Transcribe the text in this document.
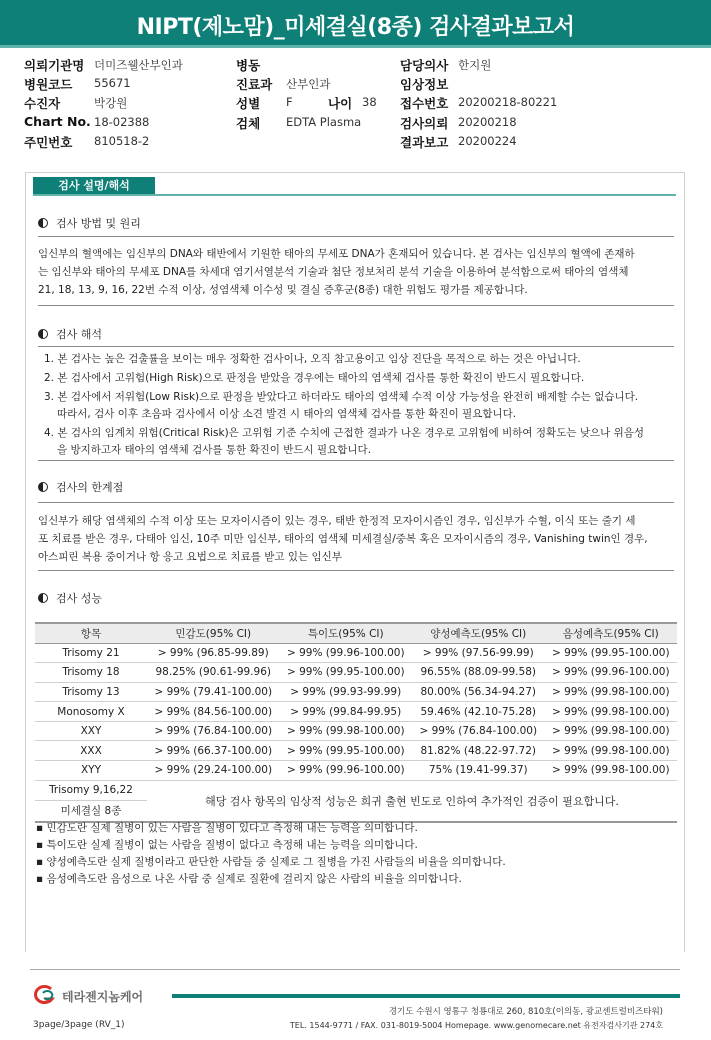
NIPT(제노맘)_미세결실(8종) 검사결과보고서
의뢰기관명 더미즈웰산부인과	병동	담당의사 한지원
병원코드 55671	진료과 산부인과	임상정보
수진자	박강원	성별 F	나이 38 접수번호 20200218-80221
Chart No. 18-02388	검체 EDTA Plasma	검사의뢰 20200218
주민번호 810518-2	결과보고 20200224
검사 설명/해석
검사 방법 및 원리
임신부의 혈액에는 임신부의 DNA와 태반에서 기원한 태아의 무세포 DNA가 혼재되어 있습니다. 본 검사는 임신부의 혈액에 존재하
는 임신부와 태아의 무세포 DNA를 차세대 염기서열분석 기술과 첨단 정보처리 분석 기술을 이용하여 분석함으로써 태아의 염색체
21, 18, 13, 9, 16, 22번 수적 이상, 성염색체 이수성 및 결실 증후군(8종) 대한 위험도 평가를 제공합니다.
검사 해석
1. 본 검사는 높은 검출률을 보이는 매우 정확한 검사이나, 오직 참고용이고 임상 진단을 목적으로 하는 것은 아닙니다.
2. 본 검사에서 고위험(High Risk)으로 판정을 받았을 경우에는 태아의 염색체 검사를 통한 확진이 반드시 필요합니다.
3. 본 검사에서 저위험(Low Risk)으로 판정을 받았다고 하더라도 태아의 염색체 수적 이상 가능성을 완전히 배제할 수는 없습니다.
따라서, 검사 이후 초음파 검사에서 이상 소견 발견 시 태아의 염색체 검사를 통한 확진이 필요합니다.
4. 본 검사의 임계치 위험(Critical Risk)은 고위험 기준 수치에 근접한 결과가 나온 경우로 고위험에 비하여 정확도는 낮으나 위음성
을 방지하고자 태아의 염색체 검사를 통한 확진이 반드시 필요합니다.
검사의 한계점
임신부가 해당 염색체의 수적 이상 또는 모자이시즘이 있는 경우, 태반 한정적 모자이시즘인 경우, 임신부가 수혈, 이식 또는 줄기 세
포 치료를 받은 경우, 다태아 임신, 10주 미만 임신부, 태아의 염색체 미세결실/중복 혹은 모자이시즘의 경우, Vanishing twin인 경우,
아스피린 복용 중이거나 항 응고 요법으로 치료를 받고 있는 임신부
검사 성능
항목	민감도(95% CI)	특이도(95% CI)	양성예측도(95% CI)	음성예측도(95% CI)
Trisomy 21	> 99% (96.85-99.89)	> 99% (99.96-100.00)	> 99% (97.56-99.99)	> 99% (99.95-100.00)
Trisomy 18	98.25% (90.61-99.96)	> 99% (99.95-100.00)	96.55% (88.09-99.58)	> 99% (99.96-100.00)
Trisomy 13	> 99% (79.41-100.00)	> 99% (99.93-99.99)	80.00% (56.34-94.27)	> 99% (99.98-100.00)
Monosomy X	> 99% (84.56-100.00)	> 99% (99.84-99.95)	59.46% (42.10-75.28)	> 99% (99.98-100.00)
XXY	> 99% (76.84-100.00)	> 99% (99.98-100.00)	> 99% (76.84-100.00)	> 99% (99.98-100.00)
XXX	> 99% (66.37-100.00)	> 99% (99.95-100.00)	81.82% (48.22-97.72)	> 99% (99.98-100.00)
XYY	> 99% (29.24-100.00)	> 99% (99.96-100.00)	75% (19.41-99.37)	> 99% (99.98-100.00)

Trisomy 9,16,22
미세결실 8종	해당 검사 항목의 임상적 성능은 희귀 출현 빈도로 인하여 추가적인 검증이 필요합니다.			
▪ 민감도란 실제 질병이 있는 사람을 질병이 있다고 측정해 내는 능력을 의미합니다.
▪ 특이도란 실제 질병이 없는 사람을 질병이 없다고 측정해 내는 능력을 의미합니다.
▪ 양성예측도란 실제 질병이라고 판단한 사람들 중 실제로 그 질병을 가진 사람들의 비율을 의미합니다.
▪ 음성예측도란 음성으로 나온 사람 중 실제로 질환에 걸리지 않은 사람의 비율을 의미합니다.
테라젠지놈케어
경기도 수원시 영통구 청룡대로 260, 810호(이의동, 광교센트럴비즈타워)
TEL. 1544-9771 / FAX. 031-8019-5004 Homepage. www.genomecare.net 유전자검사기관 274호
3page/3page (RV_1)
